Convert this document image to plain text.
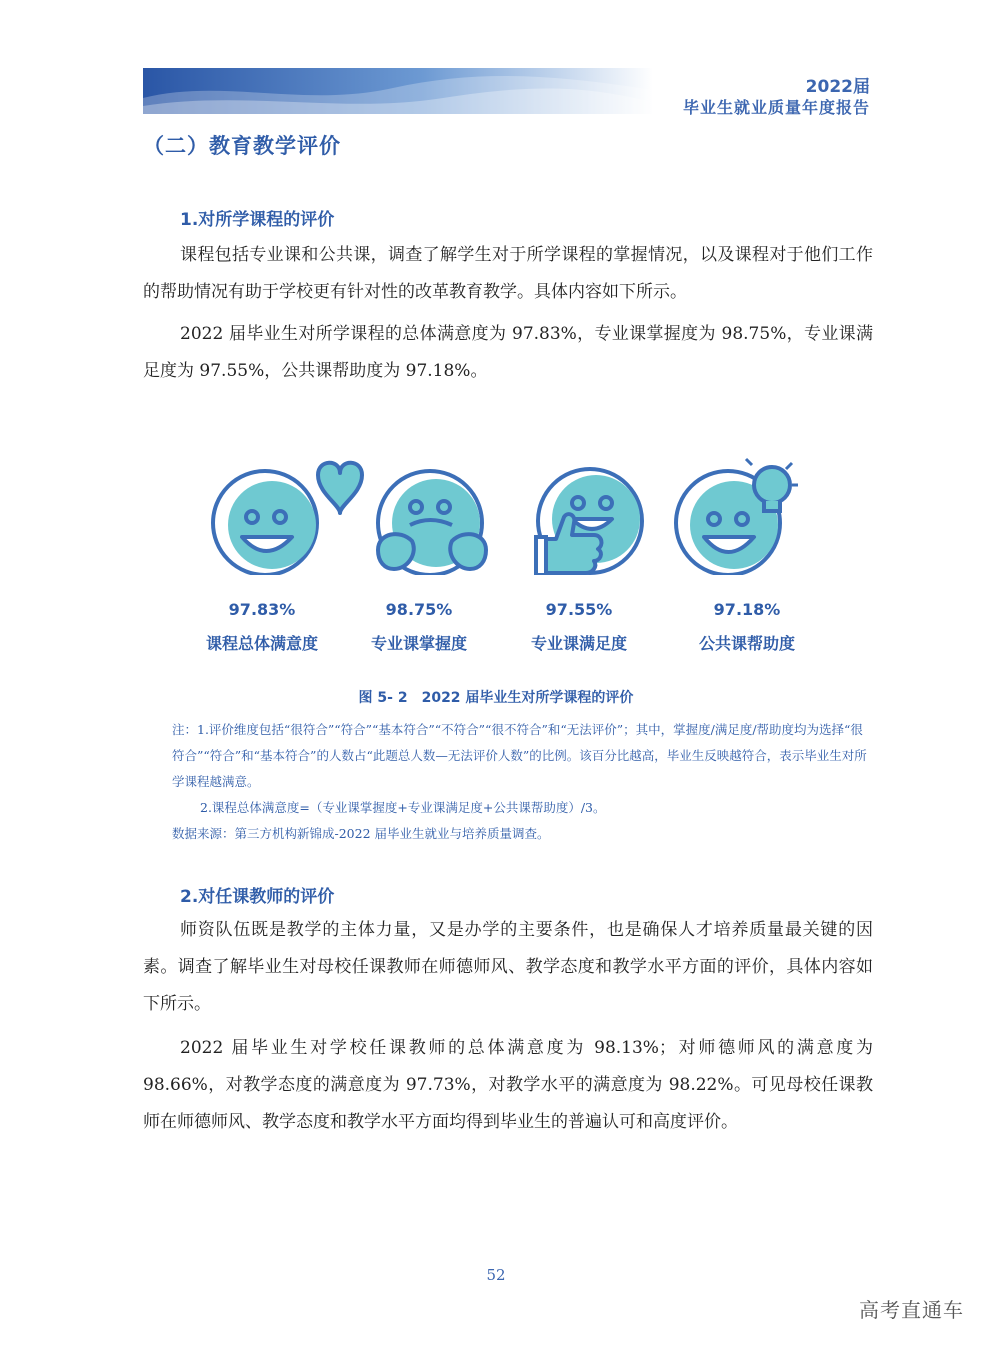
2022届
毕业生就业质量年度报告
（二）教育教学评价
1.对所学课程的评价

课程包括专业课和公共课，调查了解学生对于所学课程的掌握情况，以及课程对于他们工作的帮助情况有助于学校更有针对性的改革教育教学。具体内容如下所示。

2022 届毕业生对所学课程的总体满意度为 97.83%，专业课掌握度为 98.75%，专业课满足度为 97.55%，公共课帮助度为 97.18%。

97.83%	98.75%	97.55%	97.18%
课程总体满意度	专业课掌握度	专业课满足度	公共课帮助度
图 5- 2　2022 届毕业生对所学课程的评价

注：1.评价维度包括“很符合”“符合”“基本符合”“不符合”“很不符合”和“无法评价”；其中，掌握度/满足度/帮助度均为选择“很符合”“符合”和“基本符合”的人数占“此题总人数—无法评价人数”的比例。该百分比越高，毕业生反映越符合，表示毕业生对所学课程越满意。

2.课程总体满意度=（专业课掌握度+专业课满足度+公共课帮助度）/3。

数据来源：第三方机构新锦成-2022 届毕业生就业与培养质量调查。

2.对任课教师的评价

师资队伍既是教学的主体力量，又是办学的主要条件，也是确保人才培养质量最关键的因素。调查了解毕业生对母校任课教师在师德师风、教学态度和教学水平方面的评价，具体内容如下所示。

2022 届毕业生对学校任课教师的总体满意度为 98.13%；对师德师风的满意度为 98.66%，对教学态度的满意度为 97.73%，对教学水平的满意度为 98.22%。可见母校任课教师在师德师风、教学态度和教学水平方面均得到毕业生的普遍认可和高度评价。

52
高考直通车
